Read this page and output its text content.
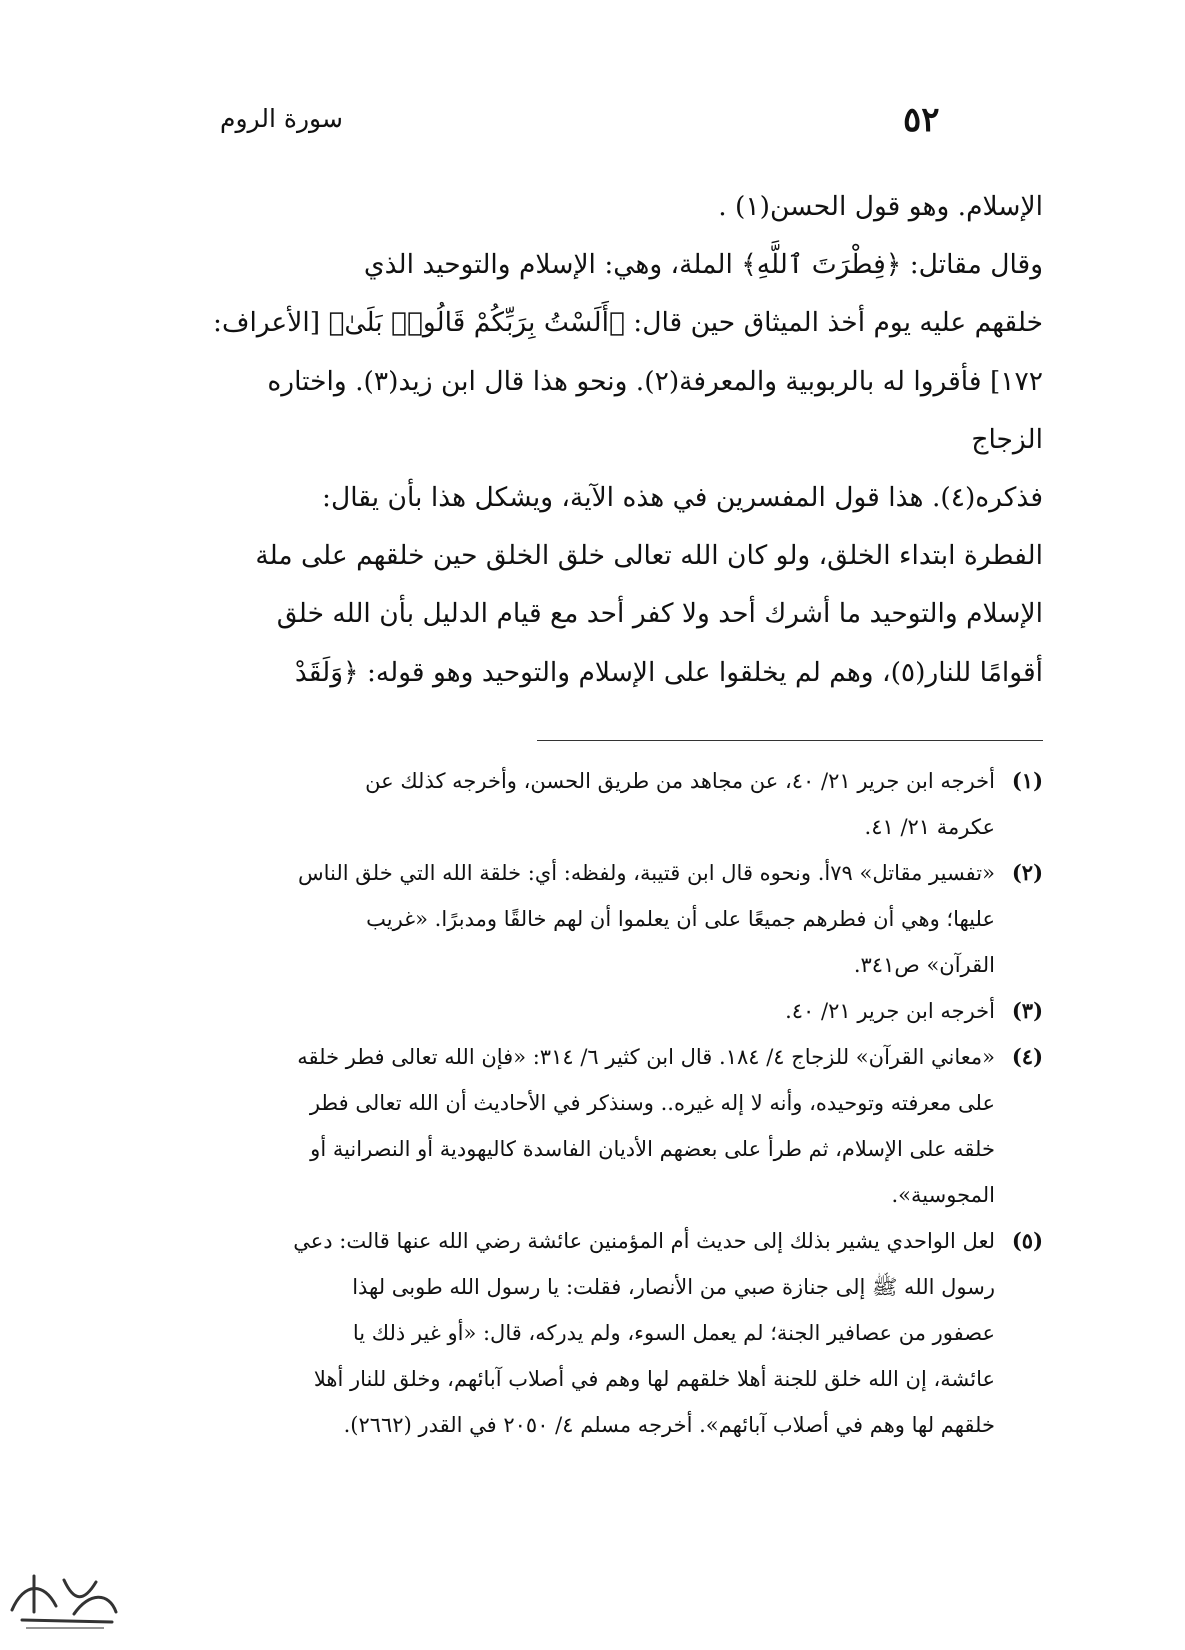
سورة الروم	٥٢

الإسلام. وهو قول الحسن(١) .

وقال مقاتل: ﴿فِطْرَتَ ٱللَّهِ﴾ الملة، وهي: الإسلام والتوحيد الذي
خلقهم عليه يوم أخذ الميثاق حين قال: ﴿أَلَسْتُ بِرَبِّكُمْ قَالُوا۟ بَلَىٰ﴾ [الأعراف:
١٧٢] فأقروا له بالربوبية والمعرفة(٢). ونحو هذا قال ابن زيد(٣). واختاره
الزجاج

فذكره(٤). هذا قول المفسرين في هذه الآية، ويشكل هذا بأن يقال:
الفطرة ابتداء الخلق، ولو كان الله تعالى خلق الخلق حين خلقهم على ملة
الإسلام والتوحيد ما أشرك أحد ولا كفر أحد مع قيام الدليل بأن الله خلق
أقوامًا للنار(٥)، وهم لم يخلقوا على الإسلام والتوحيد وهو قوله: ﴿وَلَقَدْ

(١)
أخرجه ابن جرير ٢١/ ٤٠، عن مجاهد من طريق الحسن، وأخرجه كذلك عن
عكرمة ٢١/ ٤١.
(٢)
«تفسير مقاتل» ٧٩أ. ونحوه قال ابن قتيبة، ولفظه: أي: خلقة الله التي خلق الناس
عليها؛ وهي أن فطرهم جميعًا على أن يعلموا أن لهم خالقًا ومدبرًا. «غريب
القرآن» ص٣٤١.
(٣)
أخرجه ابن جرير ٢١/ ٤٠.
(٤)
«معاني القرآن» للزجاج ٤/ ١٨٤. قال ابن كثير ٦/ ٣١٤: «فإن الله تعالى فطر خلقه
على معرفته وتوحيده، وأنه لا إله غيره.. وسنذكر في الأحاديث أن الله تعالى فطر
خلقه على الإسلام، ثم طرأ على بعضهم الأديان الفاسدة كاليهودية أو النصرانية أو
المجوسية».
(٥)
لعل الواحدي يشير بذلك إلى حديث أم المؤمنين عائشة رضي الله عنها قالت: دعي
رسول الله ﷺ إلى جنازة صبي من الأنصار، فقلت: يا رسول الله طوبى لهذا
عصفور من عصافير الجنة؛ لم يعمل السوء، ولم يدركه، قال: «أو غير ذلك يا
عائشة، إن الله خلق للجنة أهلا خلقهم لها وهم في أصلاب آبائهم، وخلق للنار أهلا
خلقهم لها وهم في أصلاب آبائهم». أخرجه مسلم ٤/ ٢٠٥٠ في القدر (٢٦٦٢).
